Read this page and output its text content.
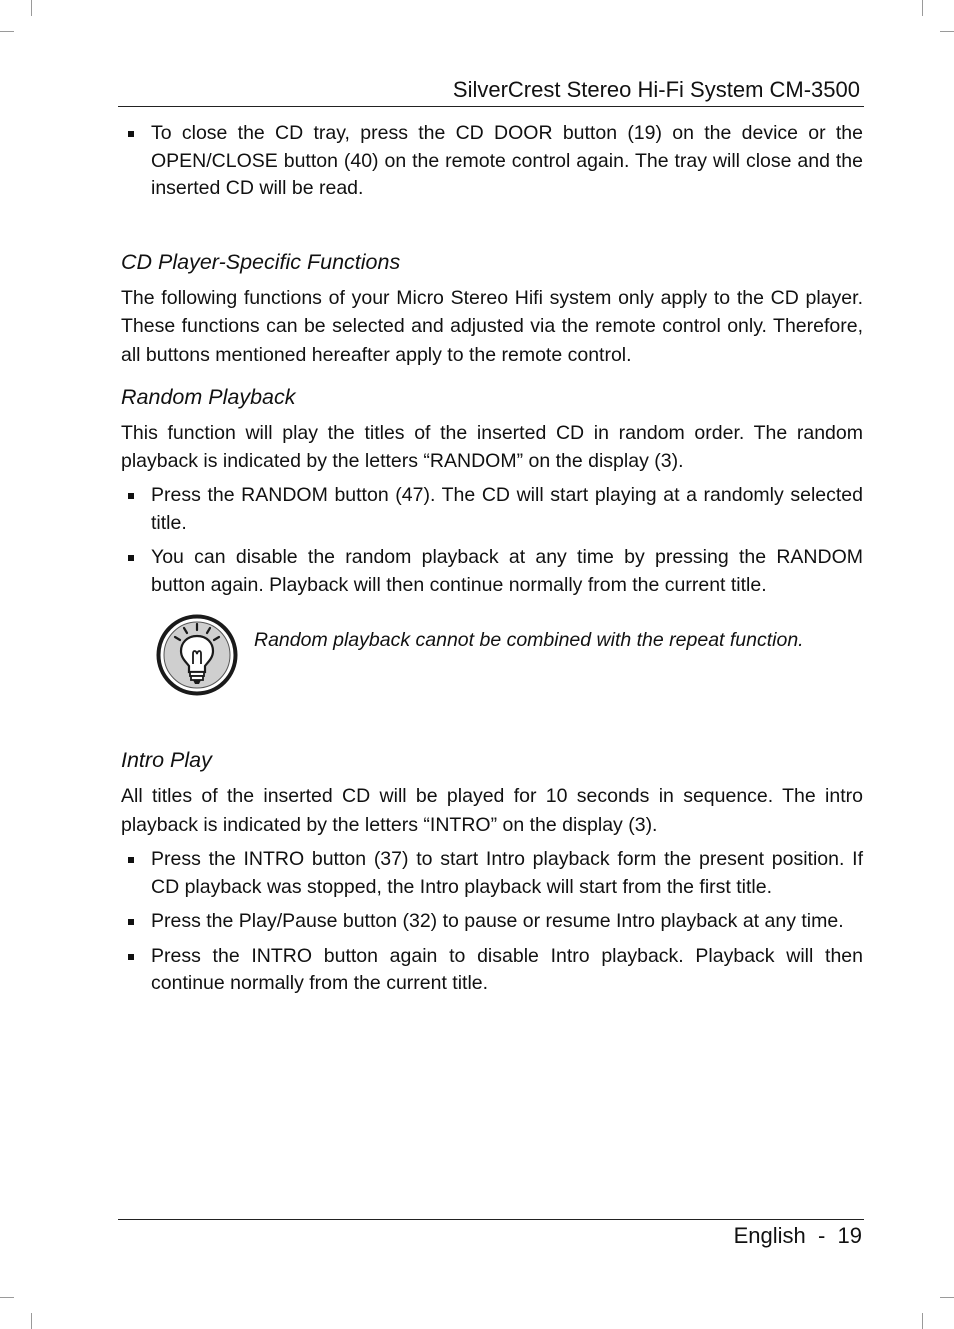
SilverCrest Stereo Hi-Fi System CM-3500
To close the CD tray, press the CD DOOR button (19) on the device or the OPEN/CLOSE button (40) on the remote control again. The tray will close and the inserted CD will be read.
CD Player-Specific Functions

The following functions of your Micro Stereo Hifi system only apply to the CD player. These functions can be selected and adjusted via the remote control only. Therefore, all buttons mentioned hereafter apply to the remote control.

Random Playback

This function will play the titles of the inserted CD in random order. The random playback is indicated by the letters “RANDOM” on the display (3).

Press the RANDOM button (47). The CD will start playing at a randomly selected title.
You can disable the random playback at any time by pressing the RANDOM button again. Playback will then continue normally from the current title.
Random playback cannot be combined with the repeat function.
Intro Play

All titles of the inserted CD will be played for 10 seconds in sequence. The intro playback is indicated by the letters “INTRO” on the display (3).

Press the INTRO button (37) to start Intro playback form the present position. If CD playback was stopped, the Intro playback will start from the first title.
Press the Play/Pause button (32) to pause or resume Intro playback at any time.
Press the INTRO button again to disable Intro playback. Playback will then continue normally from the current title.
English  -  19
